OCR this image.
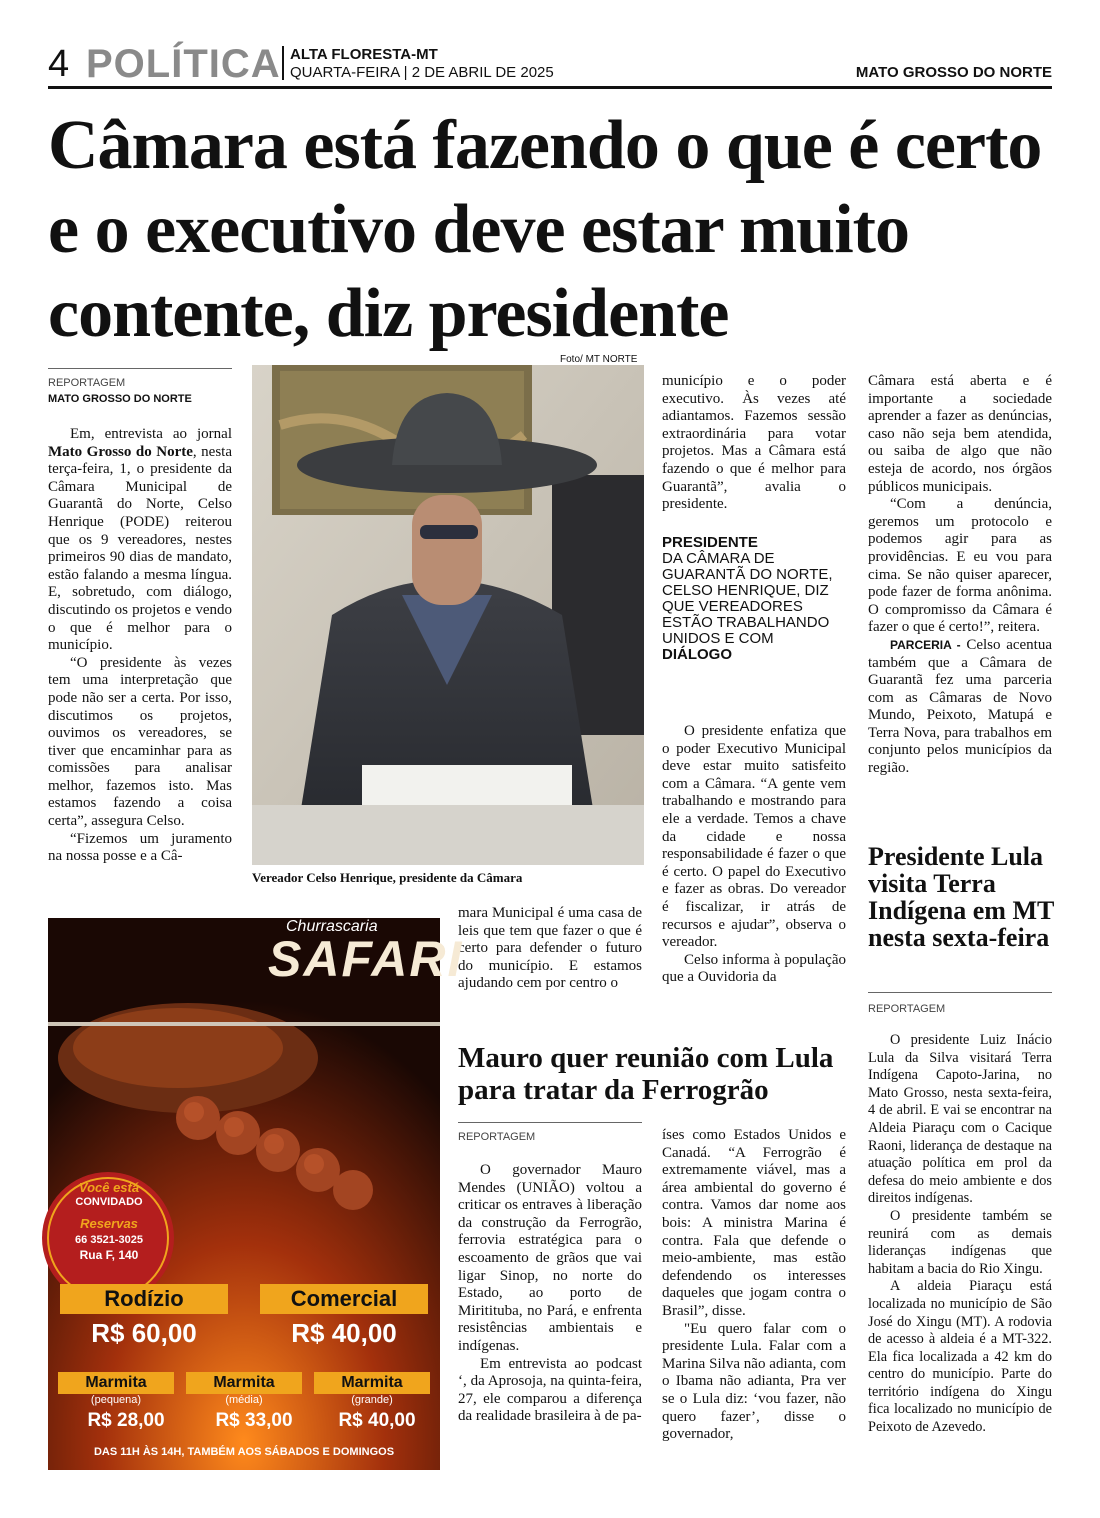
4 POLÍTICA ALTA FLORESTA-MT
QUARTA-FEIRA | 2 DE ABRIL DE 2025	MATO GROSSO DO NORTE
Câmara está fazendo o que é certo e o executivo deve estar muito contente, diz presidente
REPORTAGEM
MATO GROSSO DO NORTE

Em, entrevista ao jornal Mato Grosso do Norte, nesta terça-feira, 1, o presidente da Câmara Municipal de Guarantã do Norte, Celso Henrique (PODE) reiterou que os 9 vereadores, nestes primeiros 90 dias de mandato, estão falando a mesma língua. E, sobretudo, com diálogo, discutindo os projetos e vendo o que é melhor para o município.

“O presidente às vezes tem uma interpretação que pode não ser a certa. Por isso, discutimos os projetos, ouvimos os vereadores, se tiver que encaminhar para as comissões para analisar melhor, fazemos isto. Mas estamos fazendo a coisa certa”, assegura Celso.

“Fizemos um juramento na nossa posse e a Câ-

Foto/ MT NORTE
Vereador Celso Henrique, presidente da Câmara

município e o poder executivo. Às vezes até adiantamos. Fazemos sessão extraordinária para votar projetos. Mas a Câmara está fazendo o que é melhor para Guarantã”, avalia o presidente.

PRESIDENTE
DA CÂMARA DE GUARANTÃ DO NORTE, CELSO HENRIQUE, DIZ QUE VEREADORES ESTÃO TRABALHANDO UNIDOS E COM DIÁLOGO

O presidente enfatiza que o poder Executivo Municipal deve estar muito satisfeito com a Câmara. “A gente vem trabalhando e mostrando para ele a verdade. Temos a chave da cidade e nossa responsabilidade é fazer o que é certo. O papel do Executivo e fazer as obras. Do vereador é fiscalizar, ir atrás de recursos e ajudar”, observa o vereador.

Celso informa à população que a Ouvidoria da

mara Municipal é uma casa de leis que tem que fazer o que é certo para defender o futuro do município. E estamos ajudando cem por centro o

Câmara está aberta e é importante a sociedade aprender a fazer as denúncias, caso não seja bem atendida, ou saiba de algo que não esteja de acordo, nos órgãos públicos municipais.

“Com a denúncia, geremos um protocolo e podemos agir para as providências. E eu vou para cima. Se não quiser aparecer, pode fazer de forma anônima. O compromisso da Câmara é fazer o que é certo!”, reitera.

PARCERIA - Celso acentua também que a Câmara de Guarantã fez uma parceria com as Câmaras de Novo Mundo, Peixoto, Matupá e Terra Nova, para trabalhos em conjunto pelos municípios da região.

Presidente Lula visita Terra Indígena em MT nesta sexta-feira
REPORTAGEM

O presidente Luiz Inácio Lula da Silva visitará Terra Indígena Capoto-Jarina, no Mato Grosso, nesta sexta-feira, 4 de abril. E vai se encontrar na Aldeia Piaraçu com o Cacique Raoni, liderança de destaque na atuação política em prol da defesa do meio ambiente e dos direitos indígenas.

O presidente também se reunirá com as demais lideranças indígenas que habitam a bacia do Rio Xingu.

A aldeia Piaraçu está localizada no município de São José do Xingu (MT). A rodovia de acesso à aldeia é a MT-322. Ela fica localizada a 42 km do centro do município. Parte do território indígena do Xingu fica localizado no município de Peixoto de Azevedo.

Mauro quer reunião com Lula para tratar da Ferrogrão
REPORTAGEM

O governador Mauro Mendes (UNIÃO) voltou a criticar os entraves à liberação da construção da Ferrogrão, ferrovia estratégica para o escoamento de grãos que vai ligar Sinop, no norte do Estado, ao porto de Miritituba, no Pará, e enfrenta resistências ambientais e indígenas.

Em entrevista ao podcast ‘, da Aprosoja, na quinta-feira, 27, ele comparou a diferença da realidade brasileira à de pa-

íses como Estados Unidos e Canadá. “A Ferrogrão é extremamente viável, mas a área ambiental do governo é contra. Vamos dar nome aos bois: A ministra Marina é contra. Fala que defende o meio-ambiente, mas estão defendendo os interesses daqueles que jogam contra o Brasil”, disse.

"Eu quero falar com o presidente Lula. Falar com a Marina Silva não adianta, com o Ibama não adianta, Pra ver se o Lula diz: ‘vou fazer, não quero fazer’, disse o governador,

Churrascaria
SAFARI
Você está
CONVIDADO
Reservas
66 3521-3025
Rua F, 140
Rodízio
R$ 60,00
Comercial
R$ 40,00
Marmita	Marmita	Marmita
(pequena)	(média)	(grande)
R$ 28,00	R$ 33,00	R$ 40,00
DAS 11H ÀS 14H, TAMBÉM AOS SÁBADOS E DOMINGOS
